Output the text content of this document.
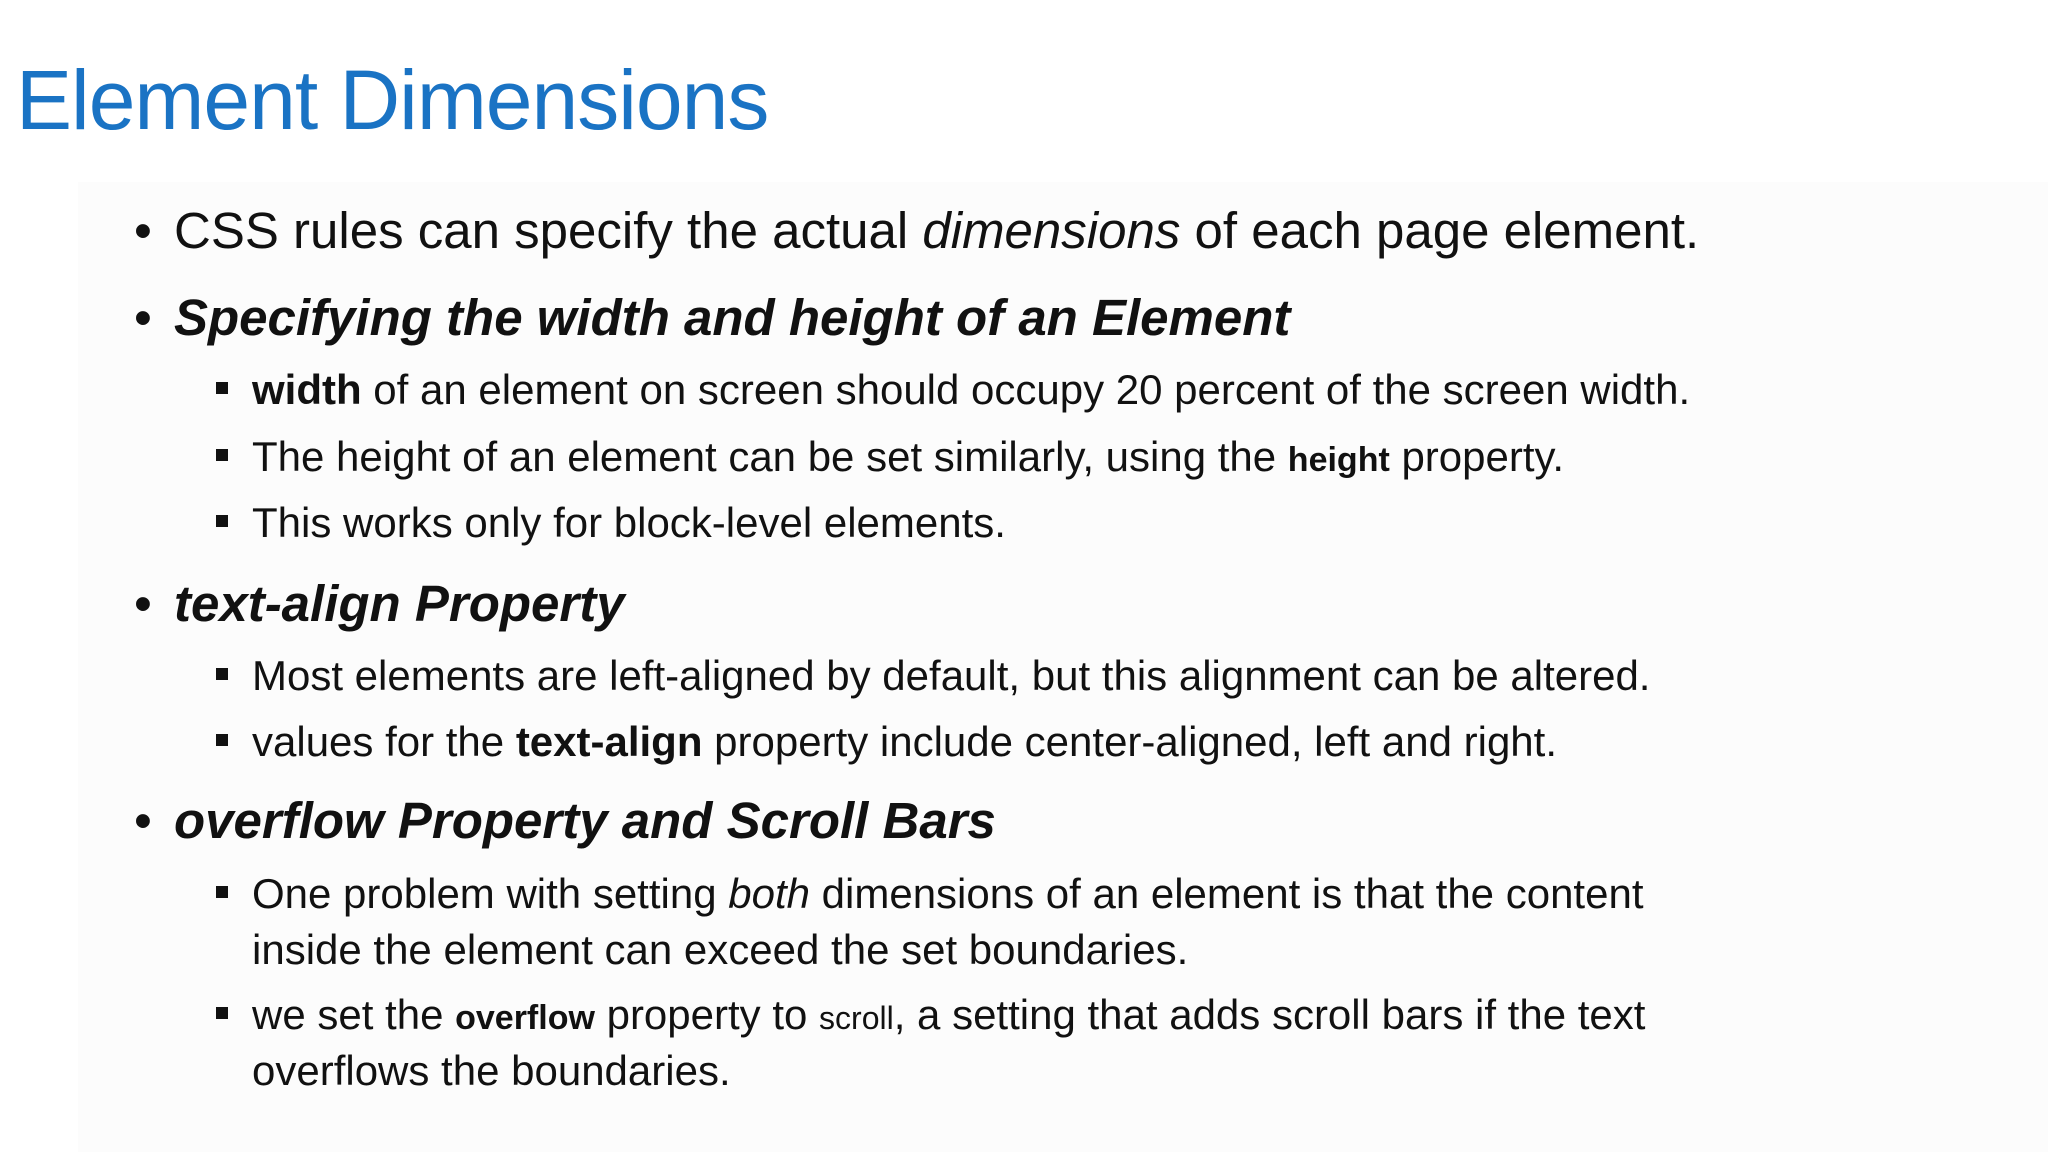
Element Dimensions
• CSS rules can specify the actual dimensions of each page element.
• Specifying the width and height of an Element
width of an element on screen should occupy 20 percent of the screen width.
The height of an element can be set similarly, using the height property.
This works only for block-level elements.
• text-align Property
Most elements are left-aligned by default, but this alignment can be altered.
values for the text-align property include center-aligned, left and right.
• overflow Property and Scroll Bars
One problem with setting both dimensions of an element is that the content
inside the element can exceed the set boundaries.
we set the overflow property to scroll, a setting that adds scroll bars if the text
overflows the boundaries.
